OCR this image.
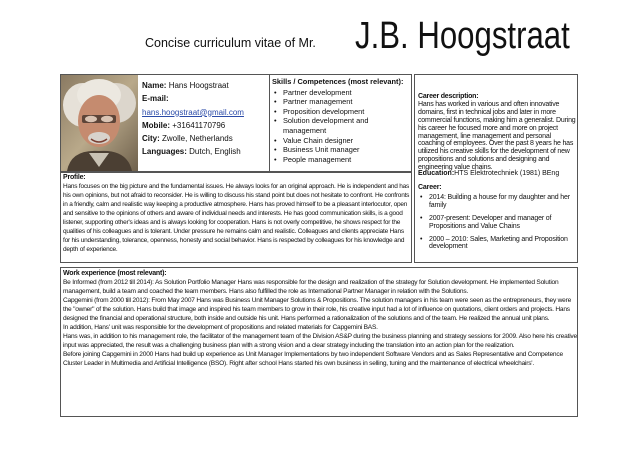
Concise curriculum vitae of Mr. J.B. Hoogstraat
Name: Hans Hoogstraat
E-mail:
hans.hoogstraat@gmail.com
Mobile: +31641170796
City: Zwolle, Netherlands
Languages: Dutch, English
Skills / Competences (most relevant):
• Partner development
• Partner management
• Proposition development
• Solution development and management
• Value Chain designer
• Business Unit manager
• People management
Profile:
Hans focuses on the big picture and the fundamental issues. He always looks for an original approach. He is independent and has his own opinions, but not afraid to reconsider. He is willing to discuss his stand point but does not hesitate to confront. He confronts in a friendly, calm and realistic way keeping a productive atmosphere. Hans has proved himself to be a pleasant interlocutor, open and sensitive to the opinions of others and aware of individual needs and interests. He has good communication skills, is a good listener, supporting other's ideas and is always looking for cooperation. Hans is not overly competitive, he shows respect for the qualities of his colleagues and is tolerant. Under pressure he remains calm and realistic. Colleagues and clients appreciate Hans for his understanding, tolerance, openness, honesty and social behavior. Hans is respected by colleagues for his knowledge and depth of experience.
Career description:
Hans has worked in various and often innovative domains, first in technical jobs and later in more commercial functions, making him a generalist. During his career he focused more and more on project management, line management and personal coaching of employees. Over the past 8 years he has utilized his creative skills for the development of new propositions and solutions and designing and engineering value chains.
Education:HTS Elektrotechniek (1981) BEng
Career:
• 2014: Building a house for my daughter and her family
• 2007-present: Developer and manager of Propositions and Value Chains
• 2000 – 2010: Sales, Marketing and Proposition development
Work experience (most relevant):

Be Informed (from 2012 till 2014): As Solution Portfolio Manager Hans was responsible for the design and realization of the strategy for Solution development. He implemented Solution management, build a team and coached the team members. Hans also fulfilled the role as International Partner Manager in relation with the Solutions.

Capgemini (from 2000 till 2012): From May 2007 Hans was Business Unit Manager Solutions & Propositions. The solution managers in his team were seen as the entrepreneurs, they were the "owner" of the solution. Hans build that image and inspired his team members to grow in their role, his creative input had a lot of influence on quotations, client orders and projects. Hans designed the financial and operational structure, both inside and outside his unit. Hans performed a rationalization of the solutions and of the team. He realized the annual unit plans.

In addition, Hans' unit was responsible for the development of propositions and related materials for Capgemini BAS.

Hans was, in addition to his management role, the facilitator of the management team of the Division AS&P during the business planning and strategy sessions for 2009. Also here his creative input was appreciated, the result was a challenging business plan with a strong vision and a clear strategy including the translation into an action plan for the realization.

Before joining Capgemini in 2000 Hans had build up experience as Unit Manager Implementations by two independent Software Vendors and as Sales Representative and Competence Cluster Leader in Multimedia and Artificial Intelligence (BSO). Right after school Hans started his own business in selling, tuning and the maintenance of electrical wheelchairs'.
